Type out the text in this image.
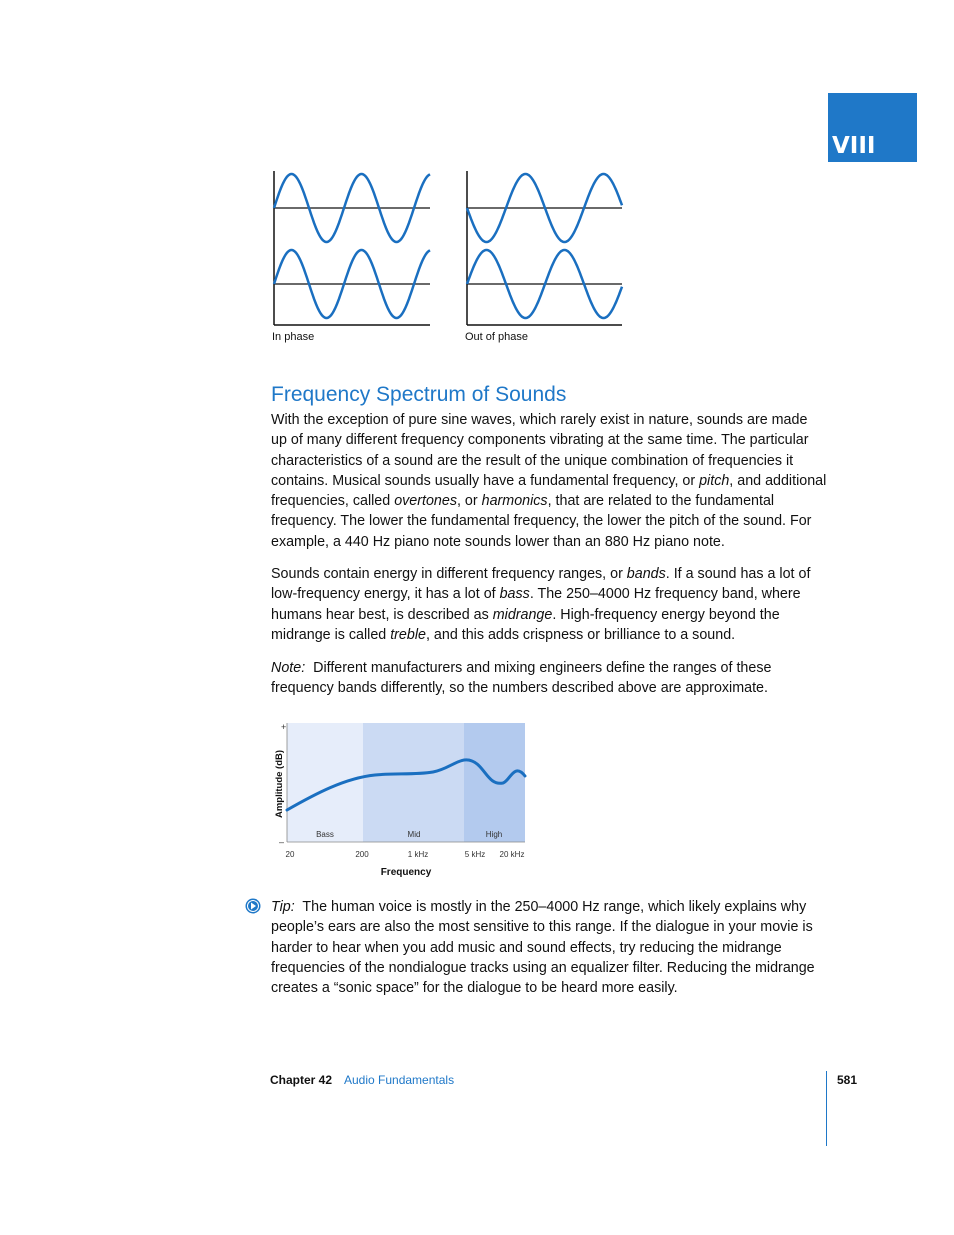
VIII
In phase	Out of phase
Frequency Spectrum of Sounds

With the exception of pure sine waves, which rarely exist in nature, sounds are made up of many different frequency components vibrating at the same time. The particular characteristics of a sound are the result of the unique combination of frequencies it contains. Musical sounds usually have a fundamental frequency, or pitch, and additional frequencies, called overtones, or harmonics, that are related to the fundamental frequency. The lower the fundamental frequency, the lower the pitch of the sound. For example, a 440 Hz piano note sounds lower than an 880 Hz piano note.

Sounds contain energy in different frequency ranges, or bands. If a sound has a lot of low-frequency energy, it has a lot of bass. The 250–4000 Hz frequency band, where humans hear best, is described as midrange. High-frequency energy beyond the midrange is called treble, and this adds crispness or brilliance to a sound.

Note: Different manufacturers and mixing engineers define the ranges of these frequency bands differently, so the numbers described above are approximate.

+
–
Amplitude (dB)
Bass	Mid	High
20	200	1 kHz	5 kHz 20 kHz
Frequency

Tip: The human voice is mostly in the 250–4000 Hz range, which likely explains why people’s ears are also the most sensitive to this range. If the dialogue in your movie is harder to hear when you add music and sound effects, try reducing the midrange frequencies of the nondialogue tracks using an equalizer filter. Reducing the midrange creates a “sonic space” for the dialogue to be heard more easily.

Chapter 42 Audio Fundamentals	581
